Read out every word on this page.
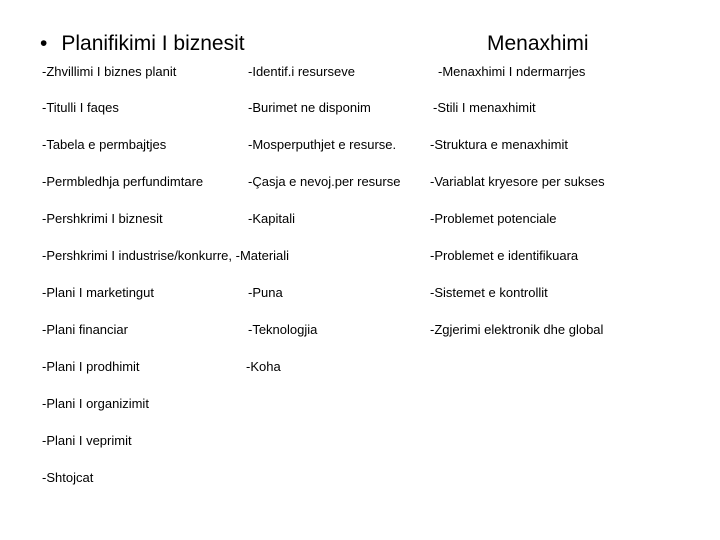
• Planifikimi I biznesit	Menaxhimi
-Zhvillimi I biznes planit
-Titulli I faqes
-Tabela e permbajtjes
-Permbledhja perfundimtare
-Pershkrimi I biznesit
-Pershkrimi I industrise/konkurre, -Materiali
-Plani I marketingut
-Plani financiar
-Plani I prodhimit
-Plani I organizimit
-Plani I veprimit
-Shtojcat
-Identif.i resurseve
-Burimet ne disponim
-Mosperputhjet e resurse.
-Çasja e nevoj.per resurse
-Kapitali
-Puna
-Teknologjia
-Koha
-Menaxhimi I ndermarrjes
-Stili I menaxhimit
-Struktura e menaxhimit
-Variablat kryesore per sukses
-Problemet potenciale
-Problemet e identifikuara
-Sistemet e kontrollit
-Zgjerimi elektronik dhe global
